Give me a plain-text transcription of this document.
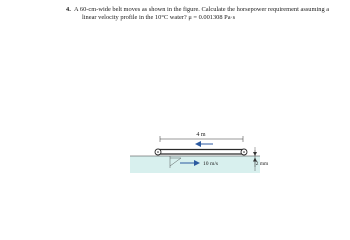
4. A 60-cm-wide belt moves as shown in the figure. Calculate the horsepower requirement assuming a
linear velocity profile in the 10°C water? μ = 0.001308 Pa·s
4 m
10 m/s	2 mm
